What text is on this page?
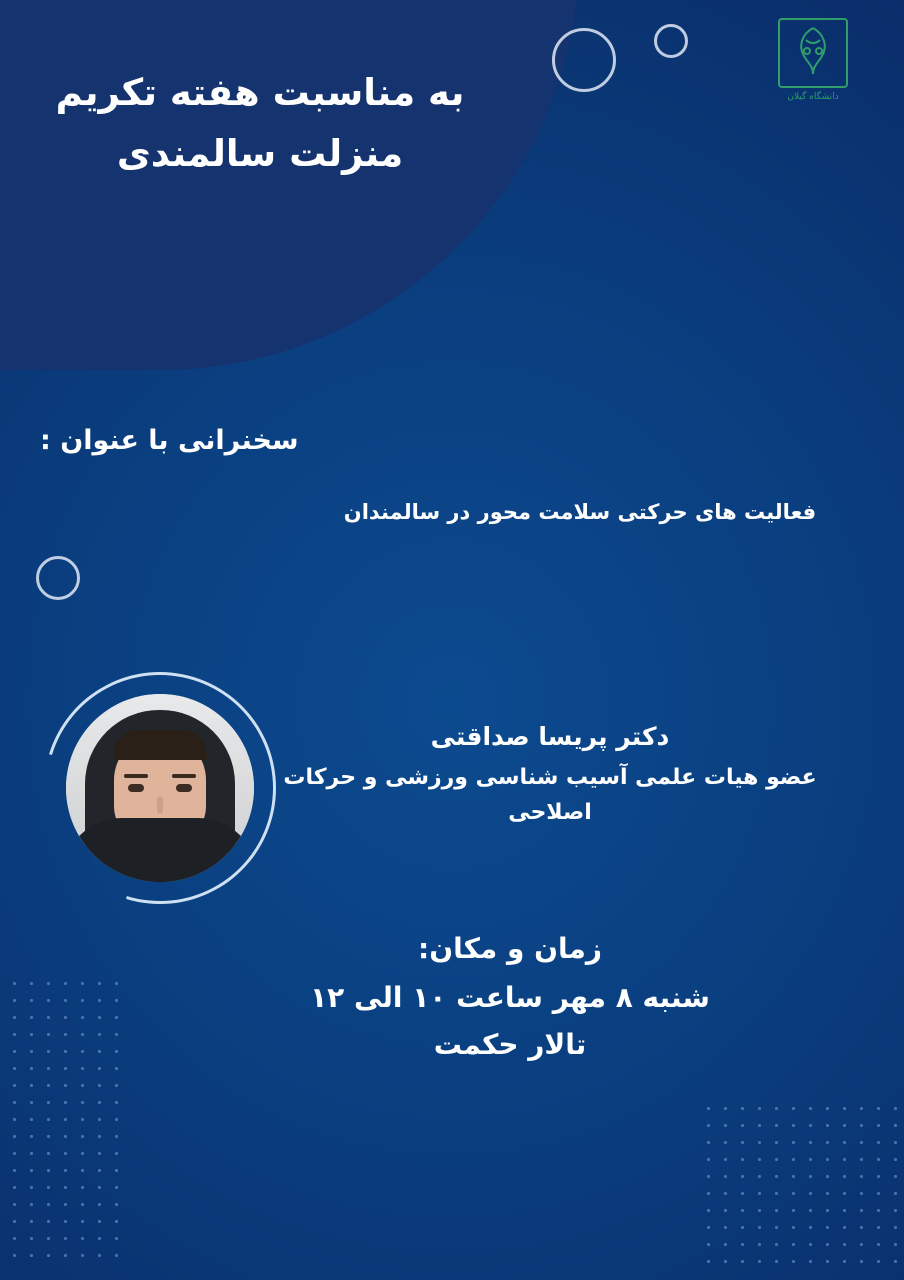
دانشگاه گیلان
به مناسبت هفته تکریم منزلت سالمندی
سخنرانی با عنوان :
فعالیت های حرکتی سلامت محور در سالمندان
دکتر پریسا صداقتی
عضو هیات علمی آسیب شناسی ورزشی و حرکات اصلاحی
زمان و مکان:
شنبه ۸ مهر ساعت ۱۰ الی ۱۲
تالار حکمت
